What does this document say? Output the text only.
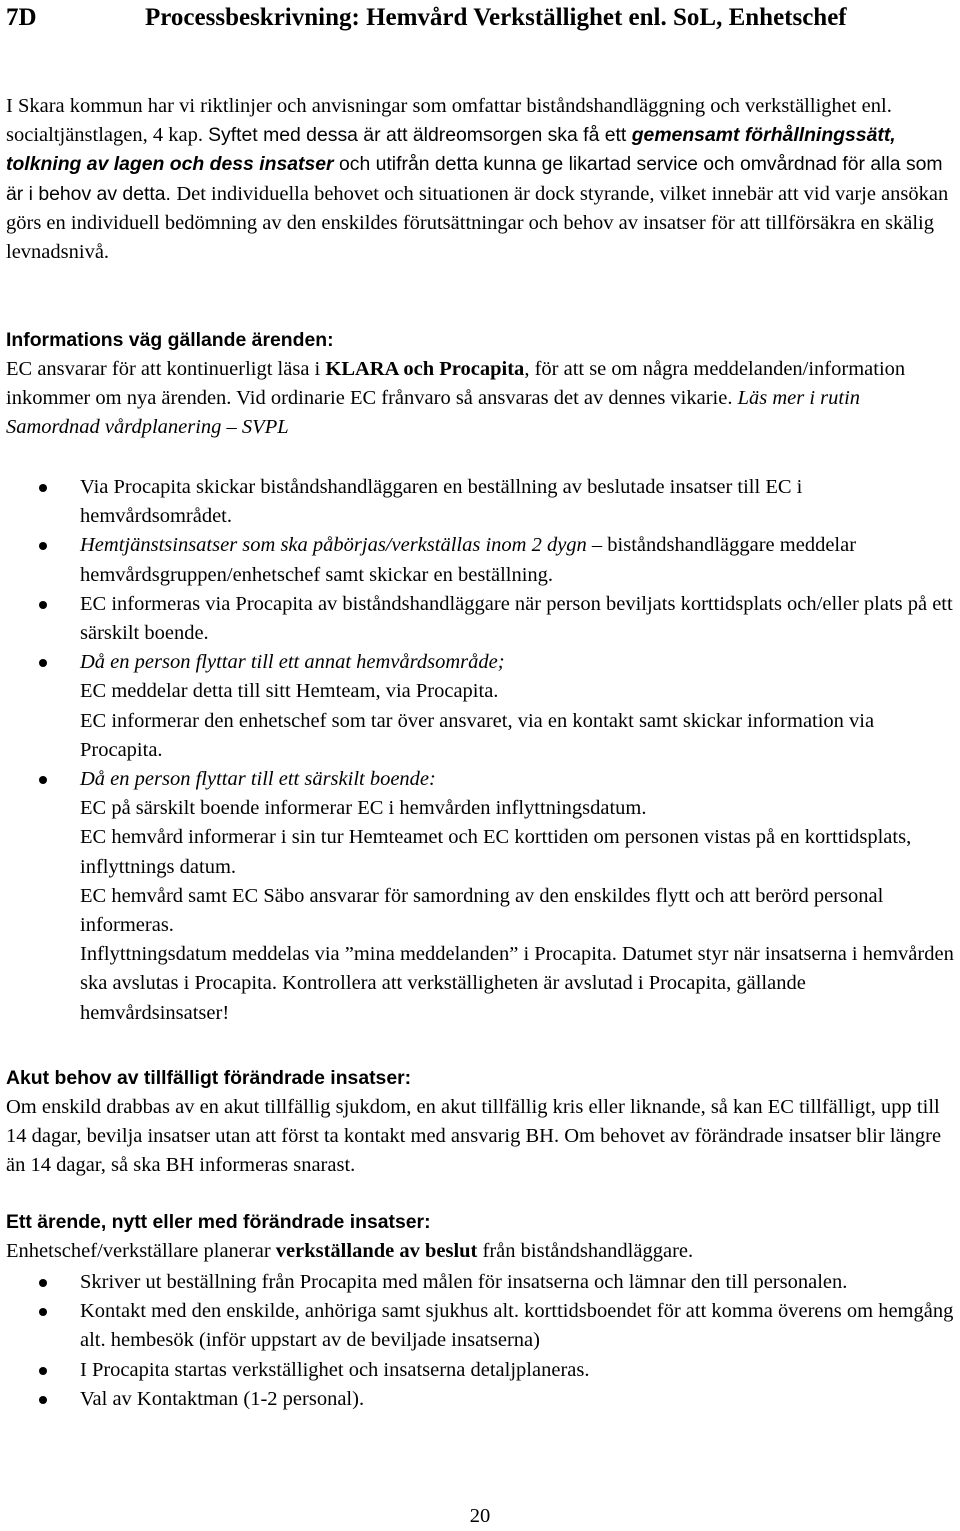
7D	Processbeskrivning: Hemvård Verkställighet enl. SoL, Enhetschef

I Skara kommun har vi riktlinjer och anvisningar som omfattar biståndshandläggning och verkställighet enl. socialtjänstlagen, 4 kap. Syftet med dessa är att äldreomsorgen ska få ett gemensamt förhållningssätt, tolkning av lagen och dess insatser och utifrån detta kunna ge likartad service och omvårdnad för alla som är i behov av detta. Det individuella behovet och situationen är dock styrande, vilket innebär att vid varje ansökan görs en individuell bedömning av den enskildes förutsättningar och behov av insatser för att tillförsäkra en skälig levnadsnivå.

Informations väg gällande ärenden:

EC ansvarar för att kontinuerligt läsa i KLARA och Procapita, för att se om några meddelanden/information inkommer om nya ärenden. Vid ordinarie EC frånvaro så ansvaras det av dennes vikarie. Läs mer i rutin Samordnad vårdplanering – SVPL

Via Procapita skickar biståndshandläggaren en beställning av beslutade insatser till EC i hemvårdsområdet.
Hemtjänstsinsatser som ska påbörjas/verkställas inom 2 dygn – biståndshandläggare meddelar hemvårdsgruppen/enhetschef samt skickar en beställning.
EC informeras via Procapita av biståndshandläggare när person beviljats korttidsplats och/eller plats på ett särskilt boende.
Då en person flyttar till ett annat hemvårdsområde;
EC meddelar detta till sitt Hemteam, via Procapita.
EC informerar den enhetschef som tar över ansvaret, via en kontakt samt skickar information via Procapita.
Då en person flyttar till ett särskilt boende:
EC på särskilt boende informerar EC i hemvården inflyttningsdatum.
EC hemvård informerar i sin tur Hemteamet och EC korttiden om personen vistas på en korttidsplats, inflyttnings datum.
EC hemvård samt EC Säbo ansvarar för samordning av den enskildes flytt och att berörd personal informeras.
Inflyttningsdatum meddelas via ”mina meddelanden” i Procapita. Datumet styr när insatserna i hemvården ska avslutas i Procapita. Kontrollera att verkställigheten är avslutad i Procapita, gällande hemvårdsinsatser!

Akut behov av tillfälligt förändrade insatser:

Om enskild drabbas av en akut tillfällig sjukdom, en akut tillfällig kris eller liknande, så kan EC tillfälligt, upp till 14 dagar, bevilja insatser utan att först ta kontakt med ansvarig BH. Om behovet av förändrade insatser blir längre än 14 dagar, så ska BH informeras snarast.

Ett ärende, nytt eller med förändrade insatser:

Enhetschef/verkställare planerar verkställande av beslut från biståndshandläggare.

Skriver ut beställning från Procapita med målen för insatserna och lämnar den till personalen.
Kontakt med den enskilde, anhöriga samt sjukhus alt. korttidsboendet för att komma överens om hemgång alt. hembesök (inför uppstart av de beviljade insatserna)
I Procapita startas verkställighet och insatserna detaljplaneras.
Val av Kontaktman (1-2 personal).
20
